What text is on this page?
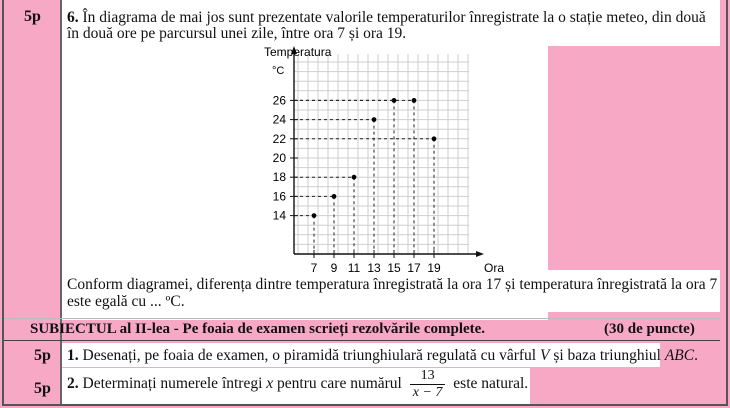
5p 6. În diagrama de mai jos sunt prezentate valorile temperaturilor înregistrate la o stație meteo, din două
în două ore pe parcursul unei zile, între ora 7 și ora 19.
Temperatura
°C
Ora
14
16
18
20
22
24
26
7 9 11 13 15 17 19
Conform diagramei, diferența dintre temperatura înregistrată la ora 17 și temperatura înregistrată la ora 7
este egală cu ... ºC.
SUBIECTUL al II-lea - Pe foaia de examen scrieți rezolvările complete.	(30 de puncte)
5p 1. Desenați, pe foaia de examen, o piramidă triunghiulară regulată cu vârful V și baza triunghiul ABC.
5p 2. Determinați numerele întregi x pentru care numărul $\frac{13}{x - 7}$ este natural.
